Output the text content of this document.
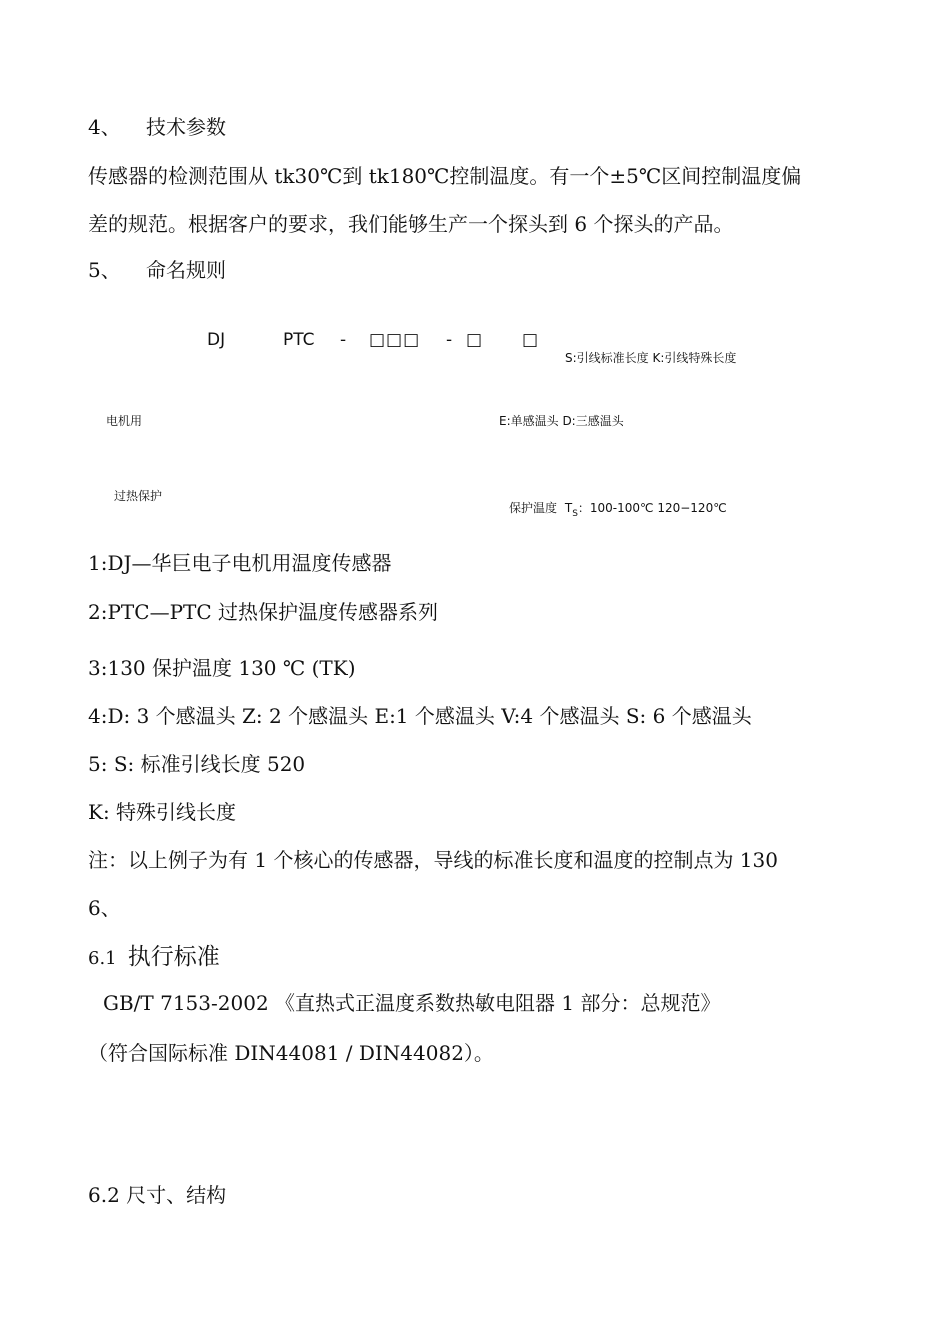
4、 技术参数
传感器的检测范围从 tk30℃到 tk180℃控制温度。有一个±5℃区间控制温度偏
差的规范。根据客户的要求，我们能够生产一个探头到 6 个探头的产品。
5、 命名规则
DJ	PTC - □□□ - □ □
S:引线标准长度 K:引线特殊长度
电机用	E:单感温头 D:三感温头
过热保护
保护温度 $T_S$：100-100℃ 120−120℃
1:DJ—华巨电子电机用温度传感器
2:PTC—PTC 过热保护温度传感器系列
3:130 保护温度 130 ℃ (TK)
4:D: 3 个感温头 Z: 2 个感温头 E:1 个感温头 V:4 个感温头 S: 6 个感温头
5: S: 标准引线长度 520
K: 特殊引线长度
注：以上例子为有 1 个核心的传感器，导线的标准长度和温度的控制点为 130
6、
6.1 执行标准
GB/T 7153-2002 《直热式正温度系数热敏电阻器 1 部分：总规范》
（符合国际标准 DIN44081 / DIN44082）。
6.2 尺寸、结构
